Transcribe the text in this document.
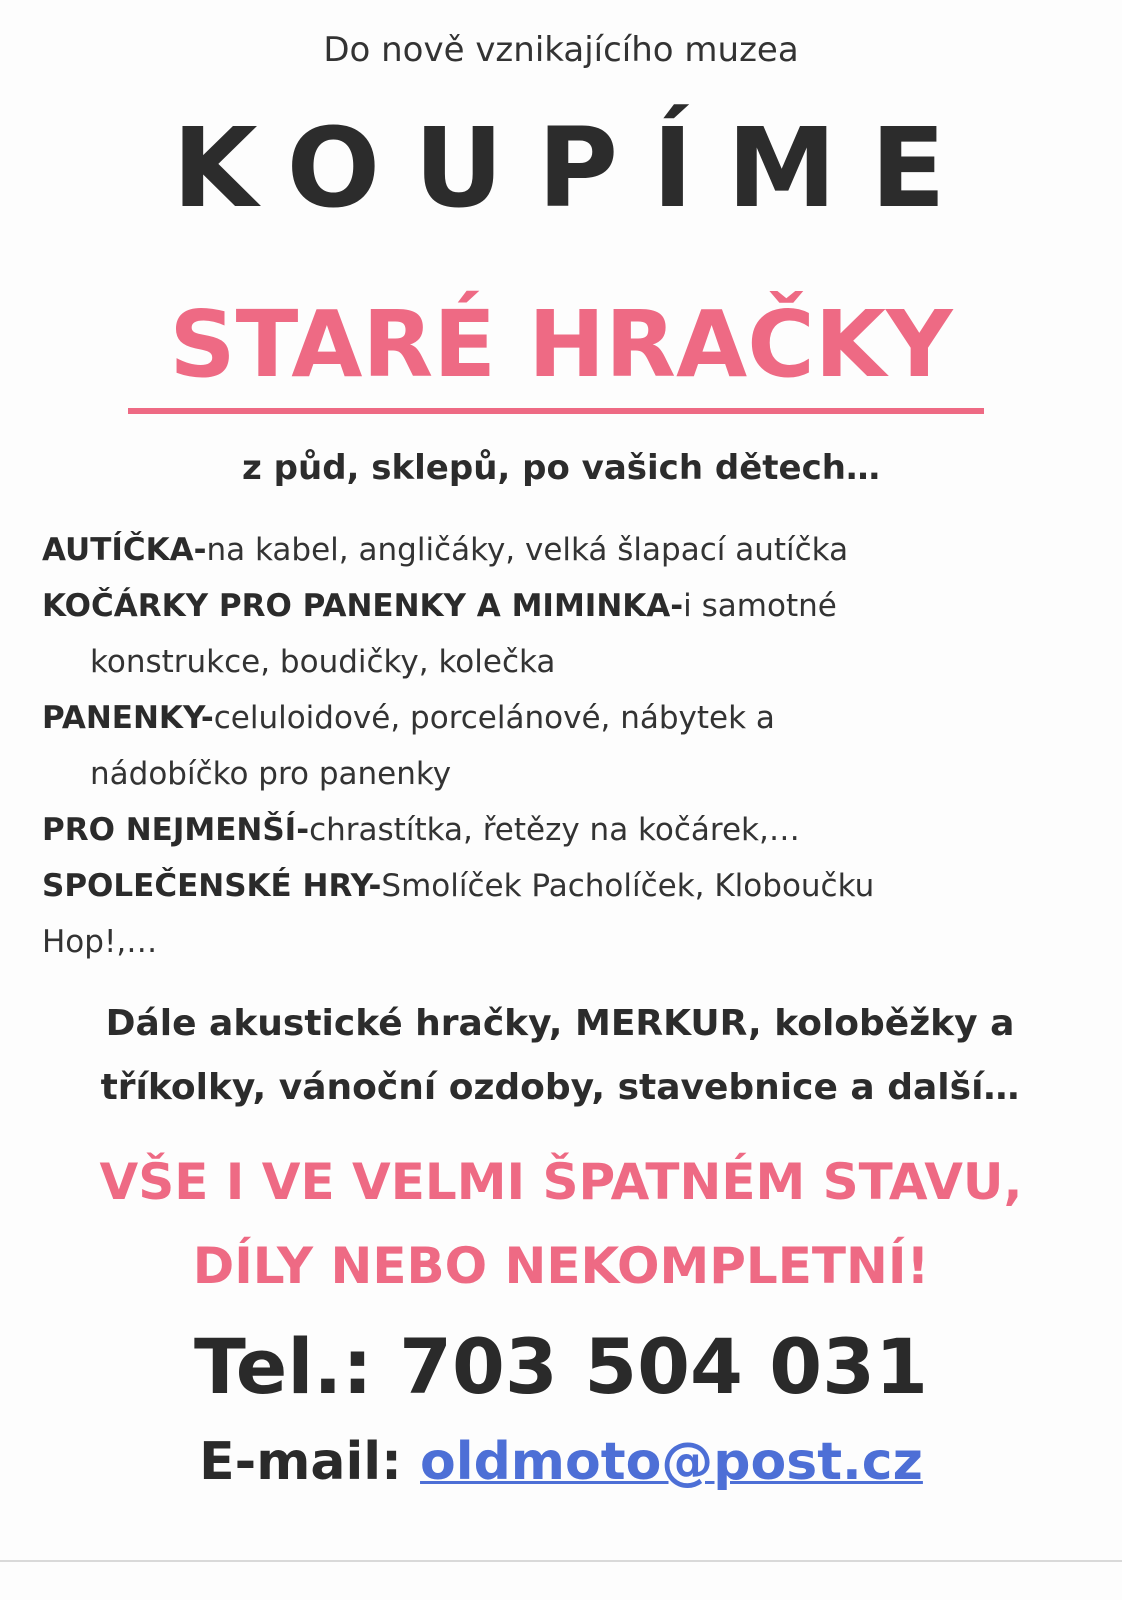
Do nově vznikajícího muzea
KOUPÍME
STARÉ HRAČKY
z půd, sklepů, po vašich dětech…
AUTÍČKA-na kabel, angličáky, velká šlapací autíčka
KOČÁRKY PRO PANENKY A MIMINKA-i samotné
konstrukce, boudičky, kolečka
PANENKY-celuloidové, porcelánové, nábytek a
nádobíčko pro panenky
PRO NEJMENŠÍ-chrastítka, řetězy na kočárek,…
SPOLEČENSKÉ HRY-Smolíček Pacholíček, Kloboučku
Hop!,…
Dále akustické hračky, MERKUR, koloběžky a
tříkolky, vánoční ozdoby, stavebnice a další…
VŠE I VE VELMI ŠPATNÉM STAVU,
DÍLY NEBO NEKOMPLETNÍ!
Tel.: 703 504 031
E-mail: oldmoto@post.cz
